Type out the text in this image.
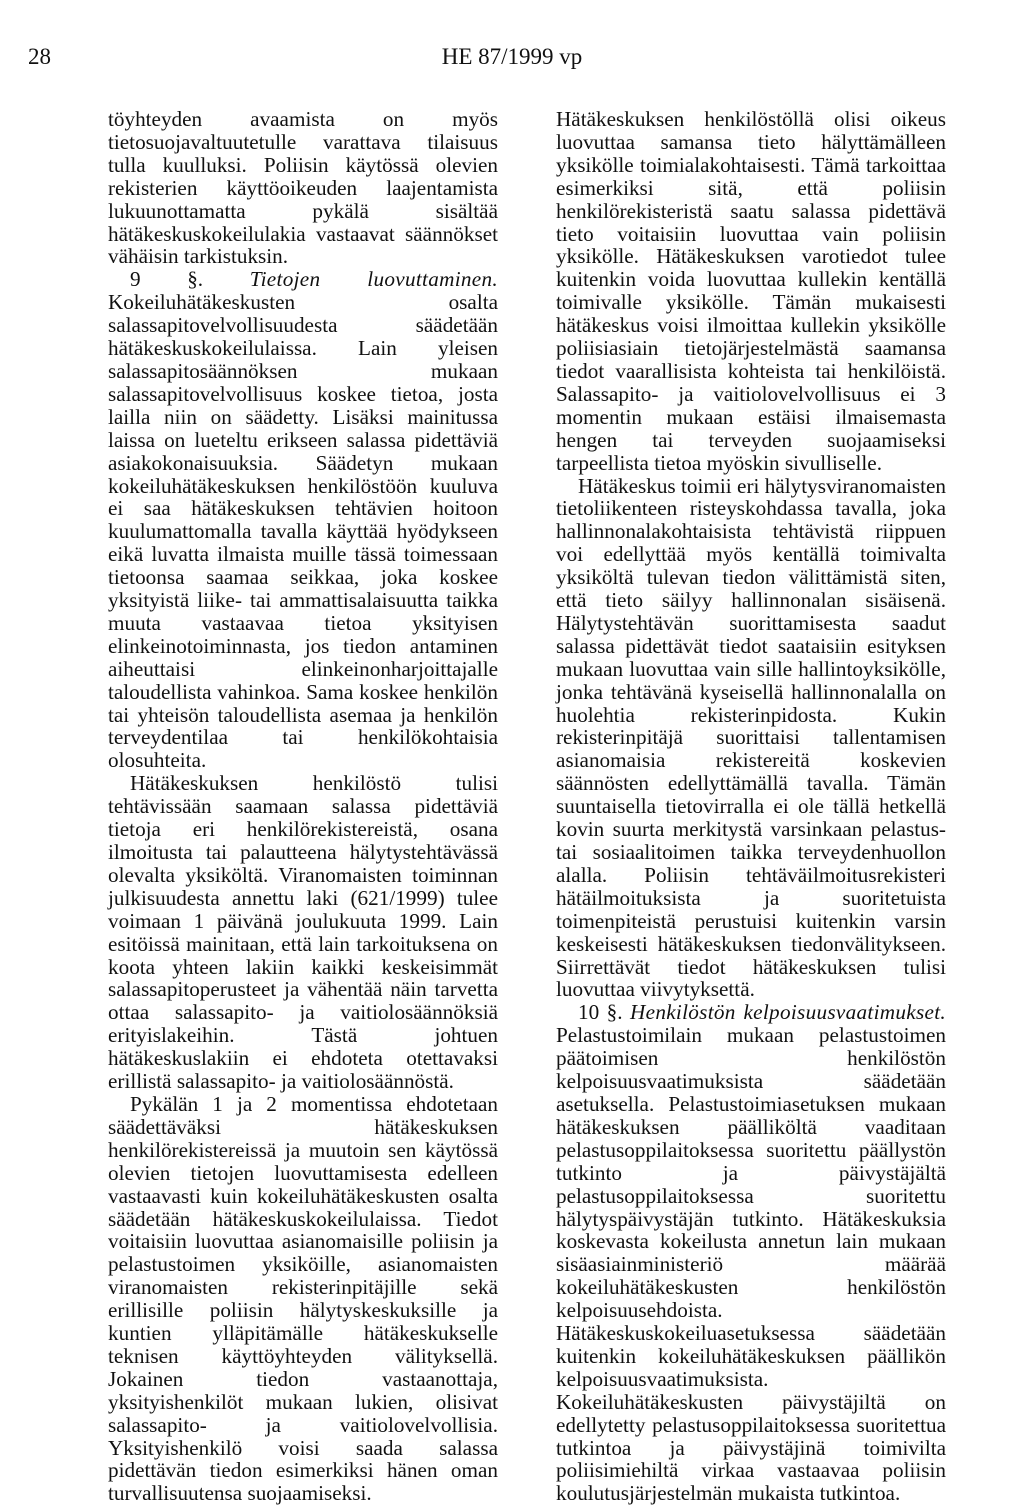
28	HE 87/1999 vp

töyhteyden avaamista on myös tietosuojavaltuutetulle varattava tilaisuus tulla kuulluksi. Poliisin käytössä olevien rekisterien käyttöoikeuden laajentamista lukuunottamatta pykälä sisältää hätäkeskuskokeilulakia vastaavat säännökset vähäisin tarkistuksin.

9 §. Tietojen luovuttaminen. Kokeiluhätäkeskusten osalta salassapitovelvollisuudesta säädetään hätäkeskuskokeilulaissa. Lain yleisen salassapitosäännöksen mukaan salassapitovelvollisuus koskee tietoa, josta lailla niin on säädetty. Lisäksi mainitussa laissa on lueteltu erikseen salassa pidettäviä asiakokonaisuuksia. Säädetyn mukaan kokeiluhätäkeskuksen henkilöstöön kuuluva ei saa hätäkeskuksen tehtävien hoitoon kuulumattomalla tavalla käyttää hyödykseen eikä luvatta ilmaista muille tässä toimessaan tietoonsa saamaa seikkaa, joka koskee yksityistä liike- tai ammattisalaisuutta taikka muuta vastaavaa tietoa yksityisen elinkeinotoiminnasta, jos tiedon antaminen aiheuttaisi elinkeinonharjoittajalle taloudellista vahinkoa. Sama koskee henkilön tai yhteisön taloudellista asemaa ja henkilön terveydentilaa tai henkilökohtaisia olosuhteita.

Hätäkeskuksen henkilöstö tulisi tehtävissään saamaan salassa pidettäviä tietoja eri henkilörekistereistä, osana ilmoitusta tai palautteena hälytystehtävässä olevalta yksiköltä. Viranomaisten toiminnan julkisuudesta annettu laki (621/1999) tulee voimaan 1 päivänä joulukuuta 1999. Lain esitöissä mainitaan, että lain tarkoituksena on koota yhteen lakiin kaikki keskeisimmät salassapitoperusteet ja vähentää näin tarvetta ottaa salassapito- ja vaitiolosäännöksiä erityislakeihin. Tästä johtuen hätäkeskuslakiin ei ehdoteta otettavaksi erillistä salassapito- ja vaitiolosäännöstä.

Pykälän 1 ja 2 momentissa ehdotetaan säädettäväksi hätäkeskuksen henkilörekistereissä ja muutoin sen käytössä olevien tietojen luovuttamisesta edelleen vastaavasti kuin kokeiluhätäkeskusten osalta säädetään hätäkeskuskokeilulaissa. Tiedot voitaisiin luovuttaa asianomaisille poliisin ja pelastustoimen yksiköille, asianomaisten viranomaisten rekisterinpitäjille sekä erillisille poliisin hälytyskeskuksille ja kuntien ylläpitämälle hätäkeskukselle teknisen käyttöyhteyden välityksellä. Jokainen tiedon vastaanottaja, yksityishenkilöt mukaan lukien, olisivat salassapito- ja vaitiolovelvollisia. Yksityishenkilö voisi saada salassa pidettävän tiedon esimerkiksi hänen oman turvallisuutensa suojaamiseksi.

Hätäkeskuksen henkilöstöllä olisi oikeus luovuttaa samansa tieto hälyttämälleen yksikölle toimialakohtaisesti. Tämä tarkoittaa esimerkiksi sitä, että poliisin henkilörekisteristä saatu salassa pidettävä tieto voitaisiin luovuttaa vain poliisin yksikölle. Hätäkeskuksen varotiedot tulee kuitenkin voida luovuttaa kullekin kentällä toimivalle yksikölle. Tämän mukaisesti hätäkeskus voisi ilmoittaa kullekin yksikölle poliisiasiain tietojärjestelmästä saamansa tiedot vaarallisista kohteista tai henkilöistä. Salassapito- ja vaitiolovelvollisuus ei 3 momentin mukaan estäisi ilmaisemasta hengen tai terveyden suojaamiseksi tarpeellista tietoa myöskin sivulliselle.

Hätäkeskus toimii eri hälytysviranomaisten tietoliikenteen risteyskohdassa tavalla, joka hallinnonalakohtaisista tehtävistä riippuen voi edellyttää myös kentällä toimivalta yksiköltä tulevan tiedon välittämistä siten, että tieto säilyy hallinnonalan sisäisenä. Hälytystehtävän suorittamisesta saadut salassa pidettävät tiedot saataisiin esityksen mukaan luovuttaa vain sille hallintoyksikölle, jonka tehtävänä kyseisellä hallinnonalalla on huolehtia rekisterinpidosta. Kukin rekisterinpitäjä suorittaisi tallentamisen asianomaisia rekistereitä koskevien säännösten edellyttämällä tavalla. Tämän suuntaisella tietovirralla ei ole tällä hetkellä kovin suurta merkitystä varsinkaan pelastus- tai sosiaalitoimen taikka terveydenhuollon alalla. Poliisin tehtäväilmoitusrekisteri hätäilmoituksista ja suoritetuista toimenpiteistä perustuisi kuitenkin varsin keskeisesti hätäkeskuksen tiedonvälitykseen. Siirrettävät tiedot hätäkeskuksen tulisi luovuttaa viivytyksettä.

10 §. Henkilöstön kelpoisuusvaatimukset. Pelastustoimilain mukaan pelastustoimen päätoimisen henkilöstön kelpoisuusvaatimuksista säädetään asetuksella. Pelastustoimiasetuksen mukaan hätäkeskuksen päälliköltä vaaditaan pelastusoppilaitoksessa suoritettu päällystön tutkinto ja päivystäjältä pelastusoppilaitoksessa suoritettu hälytyspäivystäjän tutkinto. Hätäkeskuksia koskevasta kokeilusta annetun lain mukaan sisäasiainministeriö määrää kokeiluhätäkeskusten henkilöstön kelpoisuusehdoista. Hätäkeskuskokeiluasetuksessa säädetään kuitenkin kokeiluhätäkeskuksen päällikön kelpoisuusvaatimuksista. Kokeiluhätäkeskusten päivystäjiltä on edellytetty pelastusoppilaitoksessa suoritettua tutkintoa ja päivystäjinä toimivilta poliisimiehiltä virkaa vastaavaa poliisin koulutusjärjestelmän mukaista tutkintoa.
